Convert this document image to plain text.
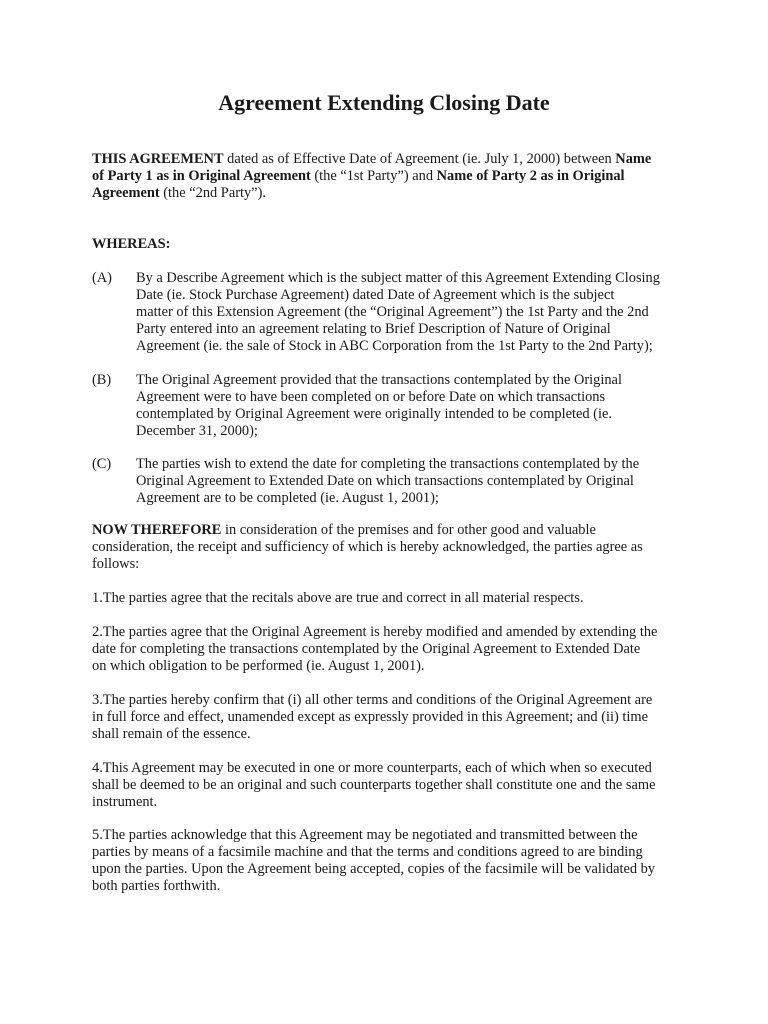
Agreement Extending Closing Date
THIS AGREEMENT dated as of Effective Date of Agreement (ie. July 1, 2000) between Name
of Party 1 as in Original Agreement (the “1st Party”) and Name of Party 2 as in Original
Agreement (the “2nd Party”).
WHEREAS:
NOW THEREFORE in consideration of the premises and for other good and valuable
consideration, the receipt and sufficiency of which is hereby acknowledged, the parties agree as
follows:
(A) By a Describe Agreement which is the subject matter of this Agreement Extending Closing
Date (ie. Stock Purchase Agreement) dated Date of Agreement which is the subject
matter of this Extension Agreement (the “Original Agreement”) the 1st Party and the 2nd
Party entered into an agreement relating to Brief Description of Nature of Original
Agreement (ie. the sale of Stock in ABC Corporation from the 1st Party to the 2nd Party);
(B) The Original Agreement provided that the transactions contemplated by the Original
Agreement were to have been completed on or before Date on which transactions
contemplated by Original Agreement were originally intended to be completed (ie.
December 31, 2000);
(C) The parties wish to extend the date for completing the transactions contemplated by the
Original Agreement to Extended Date on which transactions contemplated by Original
Agreement are to be completed (ie. August 1, 2001);
1.The parties agree that the recitals above are true and correct in all material respects.
2.The parties agree that the Original Agreement is hereby modified and amended by extending the
date for completing the transactions contemplated by the Original Agreement to Extended Date
on which obligation to be performed (ie. August 1, 2001).
3.The parties hereby confirm that (i) all other terms and conditions of the Original Agreement are
in full force and effect, unamended except as expressly provided in this Agreement; and (ii) time
shall remain of the essence.
4.This Agreement may be executed in one or more counterparts, each of which when so executed
shall be deemed to be an original and such counterparts together shall constitute one and the same
instrument.
5.The parties acknowledge that this Agreement may be negotiated and transmitted between the
parties by means of a facsimile machine and that the terms and conditions agreed to are binding
upon the parties. Upon the Agreement being accepted, copies of the facsimile will be validated by
both parties forthwith.
